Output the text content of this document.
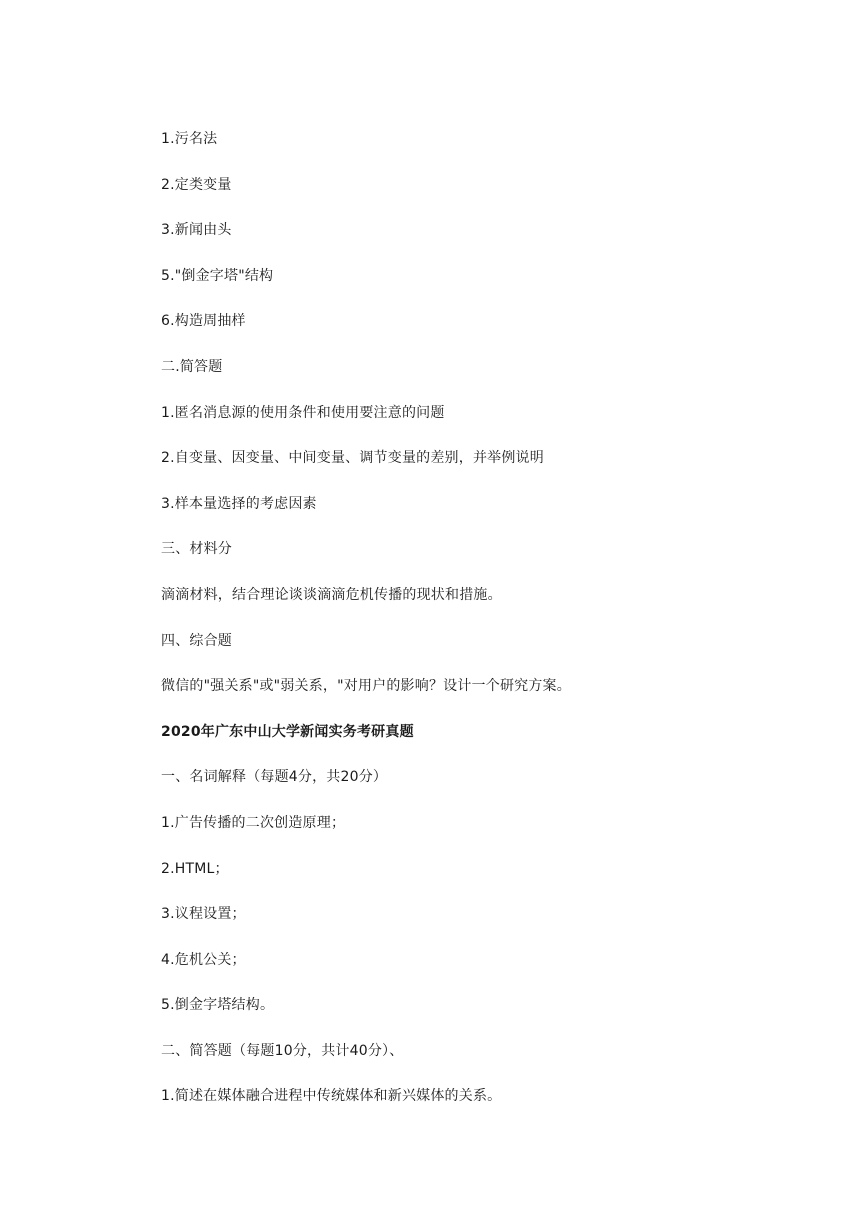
1.污名法

2.定类变量

3.新闻由头

5."倒金字塔"结构

6.构造周抽样

二.简答题

1.匿名消息源的使用条件和使用要注意的问题

2.自变量、因变量、中间变量、调节变量的差别，并举例说明

3.样本量选择的考虑因素

三、材料分

滴滴材料，结合理论谈谈滴滴危机传播的现状和措施。

四、综合题

微信的"强关系"或"弱关系，"对用户的影响？设计一个研究方案。

2020年广东中山大学新闻实务考研真题

一、名词解释（每题4分，共20分）

1.广告传播的二次创造原理；

2.HTML；

3.议程设置；

4.危机公关；

5.倒金字塔结构。

二、简答题（每题10分，共计40分）、

1.简述在媒体融合进程中传统媒体和新兴媒体的关系。
